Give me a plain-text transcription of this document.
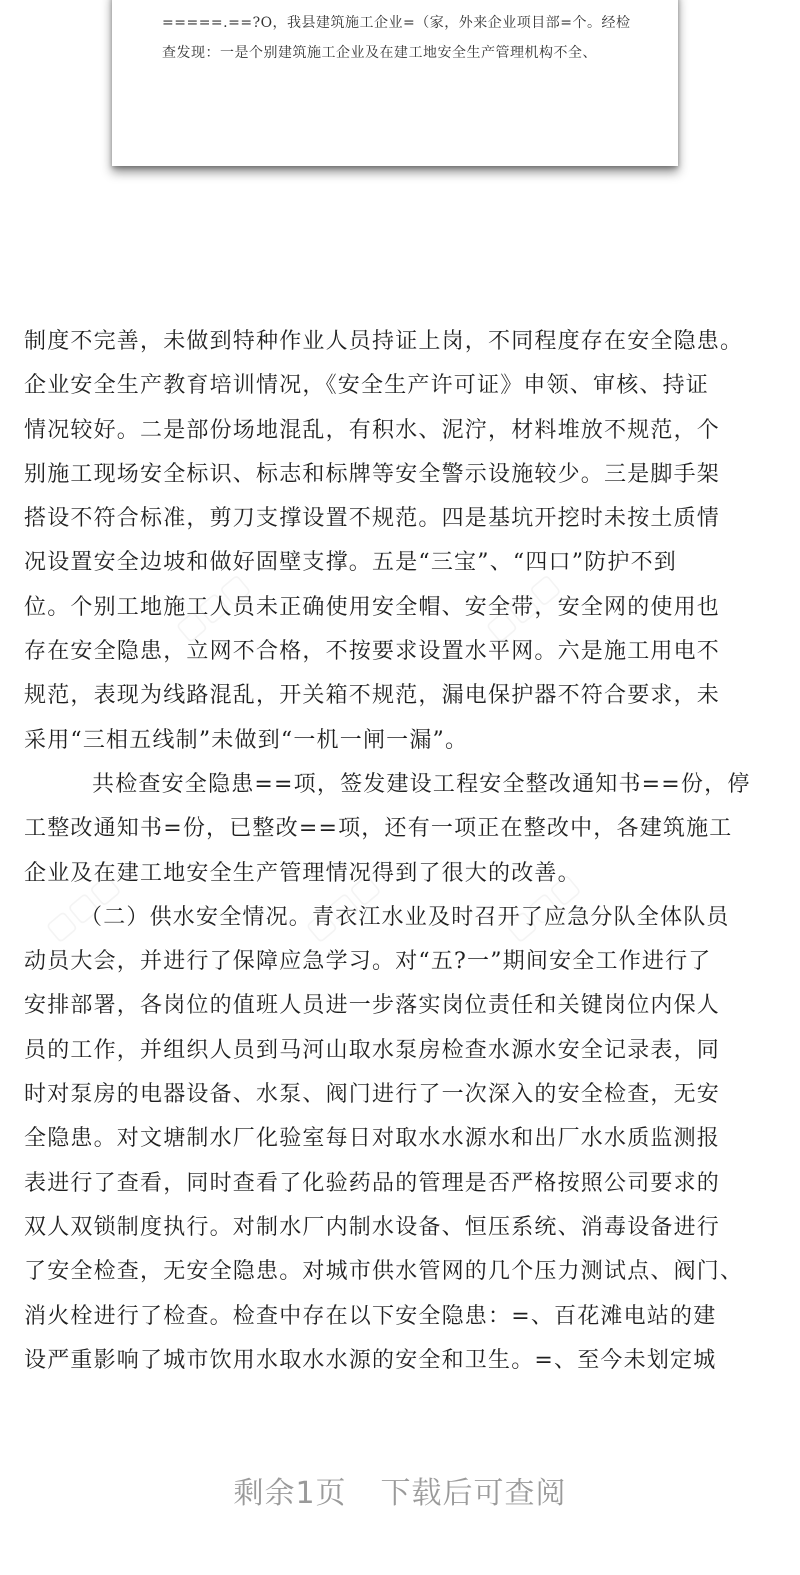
=====.==?O，我县建筑施工企业=（家，外来企业项目部=个。经检
查发现：一是个别建筑施工企业及在建工地安全生产管理机构不全、
制度不完善，未做到特种作业人员持证上岗，不同程度存在安全隐患。
企业安全生产教育培训情况，《安全生产许可证》申领、审核、持证
情况较好。二是部份场地混乱，有积水、泥泞，材料堆放不规范，个
别施工现场安全标识、标志和标牌等安全警示设施较少。三是脚手架
搭设不符合标准，剪刀支撑设置不规范。四是基坑开挖时未按土质情
况设置安全边坡和做好固壁支撑。五是“三宝”、“四口”防护不到
位。个别工地施工人员未正确使用安全帽、安全带，安全网的使用也
存在安全隐患，立网不合格，不按要求设置水平网。六是施工用电不
规范，表现为线路混乱，开关箱不规范，漏电保护器不符合要求，未
采用“三相五线制”未做到“一机一闸一漏”。
共检查安全隐患==项，签发建设工程安全整改通知书==份，停
工整改通知书=份，已整改==项，还有一项正在整改中，各建筑施工
企业及在建工地安全生产管理情况得到了很大的改善。
（二）供水安全情况。青衣江水业及时召开了应急分队全体队员
动员大会，并进行了保障应急学习。对“五?一”期间安全工作进行了
安排部署，各岗位的值班人员进一步落实岗位责任和关键岗位内保人
员的工作，并组织人员到马河山取水泵房检查水源水安全记录表，同
时对泵房的电器设备、水泵、阀门进行了一次深入的安全检查，无安
全隐患。对文塘制水厂化验室每日对取水水源水和出厂水水质监测报
表进行了查看，同时查看了化验药品的管理是否严格按照公司要求的
双人双锁制度执行。对制水厂内制水设备、恒压系统、消毒设备进行
了安全检查，无安全隐患。对城市供水管网的几个压力测试点、阀门、
消火栓进行了检查。检查中存在以下安全隐患：=、百花滩电站的建
设严重影响了城市饮用水取水水源的安全和卫生。=、至今未划定城
剩余1页 下载后可查阅
